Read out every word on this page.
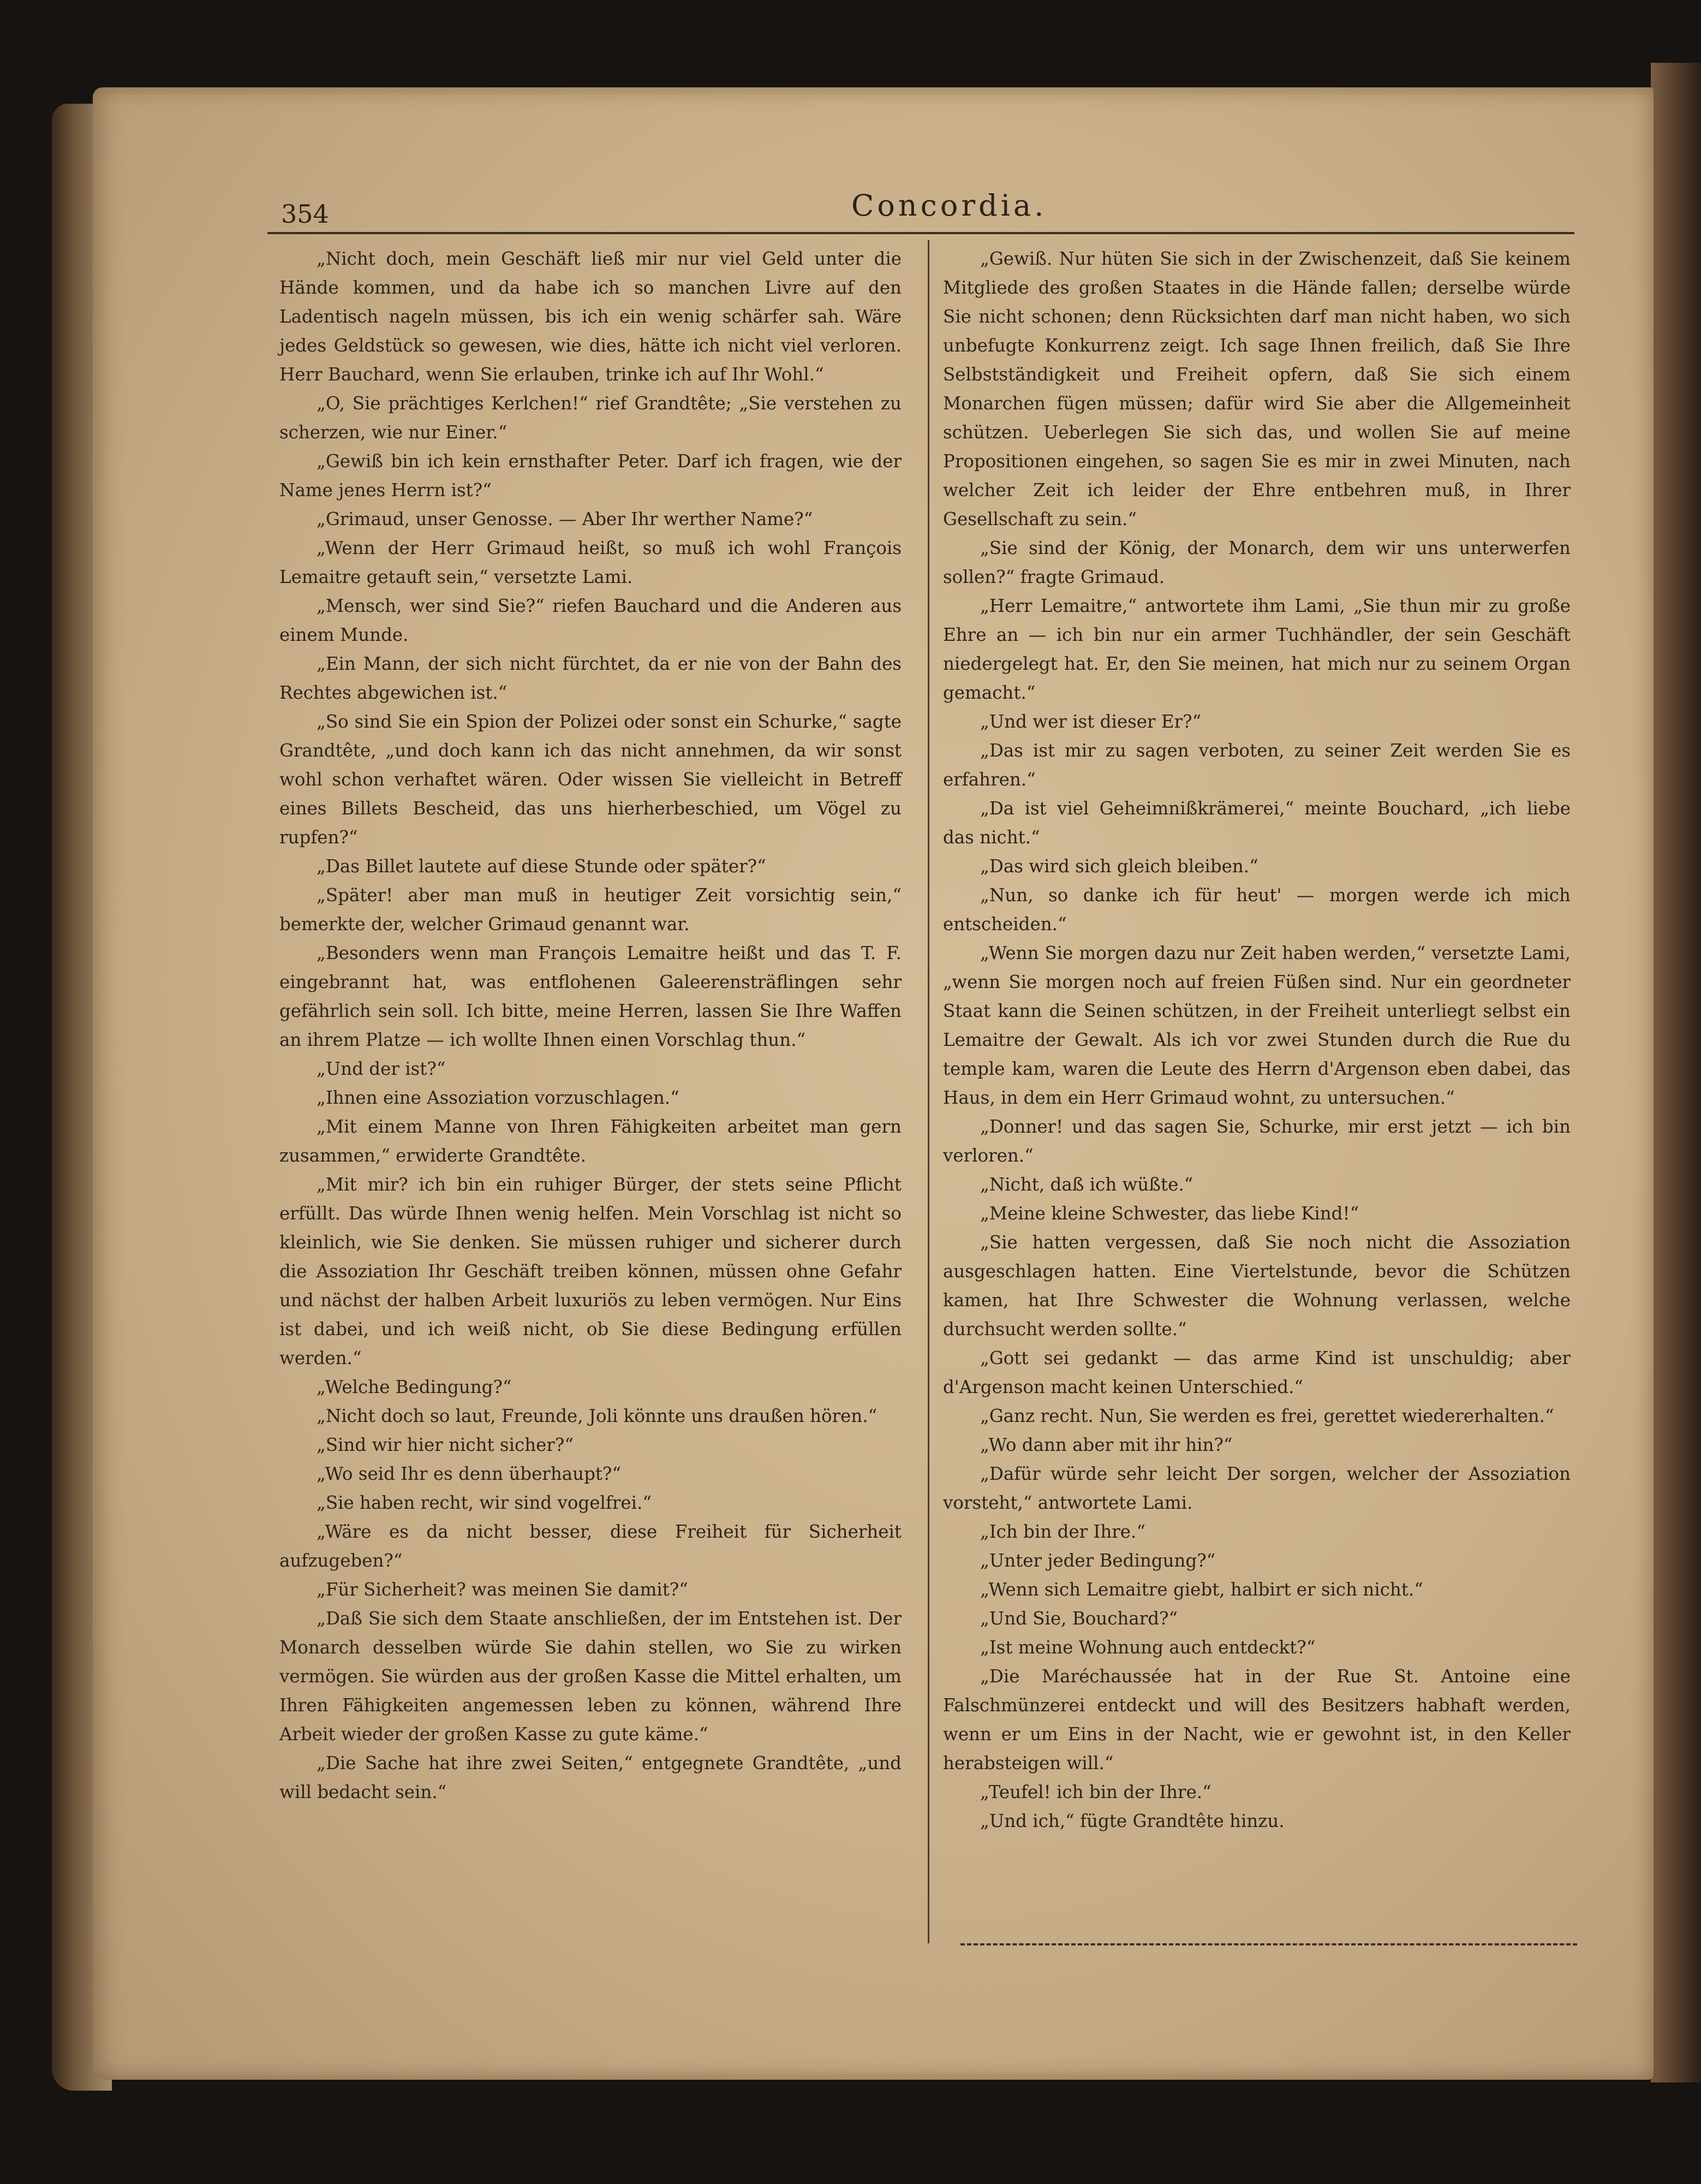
354	Concordia.

„Nicht doch, mein Geschäft ließ mir nur viel Geld unter die Hände kommen, und da habe ich so manchen Livre auf den Ladentisch nageln müssen, bis ich ein wenig schärfer sah. Wäre jedes Geldstück so gewesen, wie dies, hätte ich nicht viel verloren. Herr Bauchard, wenn Sie erlauben, trinke ich auf Ihr Wohl.“

„O, Sie prächtiges Kerlchen!“ rief Grandtête; „Sie verstehen zu scherzen, wie nur Einer.“

„Gewiß bin ich kein ernsthafter Peter. Darf ich fragen, wie der Name jenes Herrn ist?“

„Grimaud, unser Genosse. — Aber Ihr werther Name?“

„Wenn der Herr Grimaud heißt, so muß ich wohl François Lemaitre getauft sein,“ versetzte Lami.

„Mensch, wer sind Sie?“ riefen Bauchard und die Anderen aus einem Munde.

„Ein Mann, der sich nicht fürchtet, da er nie von der Bahn des Rechtes abgewichen ist.“

„So sind Sie ein Spion der Polizei oder sonst ein Schurke,“ sagte Grandtête, „und doch kann ich das nicht annehmen, da wir sonst wohl schon verhaftet wären. Oder wissen Sie vielleicht in Betreff eines Billets Bescheid, das uns hierherbeschied, um Vögel zu rupfen?“

„Das Billet lautete auf diese Stunde oder später?“

„Später! aber man muß in heutiger Zeit vorsichtig sein,“ bemerkte der, welcher Grimaud genannt war.

„Besonders wenn man François Lemaitre heißt und das T. F. eingebrannt hat, was entflohenen Galeerensträflingen sehr gefährlich sein soll. Ich bitte, meine Herren, lassen Sie Ihre Waffen an ihrem Platze — ich wollte Ihnen einen Vorschlag thun.“

„Und der ist?“

„Ihnen eine Assoziation vorzuschlagen.“

„Mit einem Manne von Ihren Fähigkeiten arbeitet man gern zusammen,“ erwiderte Grandtête.

„Mit mir? ich bin ein ruhiger Bürger, der stets seine Pflicht erfüllt. Das würde Ihnen wenig helfen. Mein Vorschlag ist nicht so kleinlich, wie Sie denken. Sie müssen ruhiger und sicherer durch die Assoziation Ihr Geschäft treiben können, müssen ohne Gefahr und nächst der halben Arbeit luxuriös zu leben vermögen. Nur Eins ist dabei, und ich weiß nicht, ob Sie diese Bedingung erfüllen werden.“

„Welche Bedingung?“

„Nicht doch so laut, Freunde, Joli könnte uns draußen hören.“

„Sind wir hier nicht sicher?“

„Wo seid Ihr es denn überhaupt?“

„Sie haben recht, wir sind vogelfrei.“

„Wäre es da nicht besser, diese Freiheit für Sicherheit aufzugeben?“

„Für Sicherheit? was meinen Sie damit?“

„Daß Sie sich dem Staate anschließen, der im Entstehen ist. Der Monarch desselben würde Sie dahin stellen, wo Sie zu wirken vermögen. Sie würden aus der großen Kasse die Mittel erhalten, um Ihren Fähigkeiten angemessen leben zu können, während Ihre Arbeit wieder der großen Kasse zu gute käme.“

„Die Sache hat ihre zwei Seiten,“ entgegnete Grandtête, „und will bedacht sein.“

„Gewiß. Nur hüten Sie sich in der Zwischenzeit, daß Sie keinem Mitgliede des großen Staates in die Hände fallen; derselbe würde Sie nicht schonen; denn Rücksichten darf man nicht haben, wo sich unbefugte Konkurrenz zeigt. Ich sage Ihnen freilich, daß Sie Ihre Selbstständigkeit und Freiheit opfern, daß Sie sich einem Monarchen fügen müssen; dafür wird Sie aber die Allgemeinheit schützen. Ueberlegen Sie sich das, und wollen Sie auf meine Propositionen eingehen, so sagen Sie es mir in zwei Minuten, nach welcher Zeit ich leider der Ehre entbehren muß, in Ihrer Gesellschaft zu sein.“

„Sie sind der König, der Monarch, dem wir uns unterwerfen sollen?“ fragte Grimaud.

„Herr Lemaitre,“ antwortete ihm Lami, „Sie thun mir zu große Ehre an — ich bin nur ein armer Tuchhändler, der sein Geschäft niedergelegt hat. Er, den Sie meinen, hat mich nur zu seinem Organ gemacht.“

„Und wer ist dieser Er?“

„Das ist mir zu sagen verboten, zu seiner Zeit werden Sie es erfahren.“

„Da ist viel Geheimnißkrämerei,“ meinte Bouchard, „ich liebe das nicht.“

„Das wird sich gleich bleiben.“

„Nun, so danke ich für heut' — morgen werde ich mich entscheiden.“

„Wenn Sie morgen dazu nur Zeit haben werden,“ versetzte Lami, „wenn Sie morgen noch auf freien Füßen sind. Nur ein geordneter Staat kann die Seinen schützen, in der Freiheit unterliegt selbst ein Lemaitre der Gewalt. Als ich vor zwei Stunden durch die Rue du temple kam, waren die Leute des Herrn d'Argenson eben dabei, das Haus, in dem ein Herr Grimaud wohnt, zu untersuchen.“

„Donner! und das sagen Sie, Schurke, mir erst jetzt — ich bin verloren.“

„Nicht, daß ich wüßte.“

„Meine kleine Schwester, das liebe Kind!“

„Sie hatten vergessen, daß Sie noch nicht die Assoziation ausgeschlagen hatten. Eine Viertelstunde, bevor die Schützen kamen, hat Ihre Schwester die Wohnung verlassen, welche durchsucht werden sollte.“

„Gott sei gedankt — das arme Kind ist unschuldig; aber d'Argenson macht keinen Unterschied.“

„Ganz recht. Nun, Sie werden es frei, gerettet wiedererhalten.“

„Wo dann aber mit ihr hin?“

„Dafür würde sehr leicht Der sorgen, welcher der Assoziation vorsteht,“ antwortete Lami.

„Ich bin der Ihre.“

„Unter jeder Bedingung?“

„Wenn sich Lemaitre giebt, halbirt er sich nicht.“

„Und Sie, Bouchard?“

„Ist meine Wohnung auch entdeckt?“

„Die Maréchaussée hat in der Rue St. Antoine eine Falschmünzerei entdeckt und will des Besitzers habhaft werden, wenn er um Eins in der Nacht, wie er gewohnt ist, in den Keller herabsteigen will.“

„Teufel! ich bin der Ihre.“

„Und ich,“ fügte Grandtête hinzu.
